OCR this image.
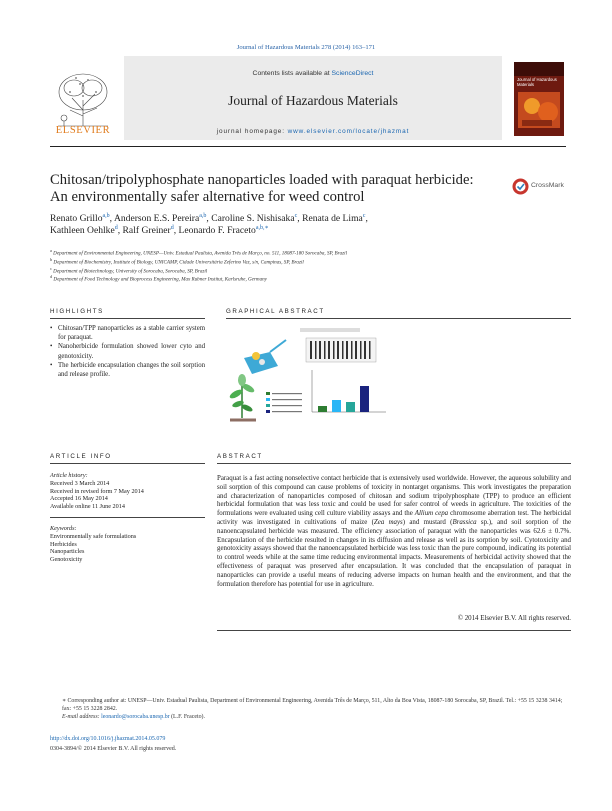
Journal of Hazardous Materials 278 (2014) 163–171
ELSEVIER
Contents lists available at ScienceDirect
Journal of Hazardous Materials
journal homepage: www.elsevier.com/locate/jhazmat
Journal of Hazardous Materials
Chitosan/tripolyphosphate nanoparticles loaded with paraquat herbicide: An environmentally safer alternative for weed control
CrossMark
Renato Grillo$^{a,b}$, Anderson E.S. Pereira$^{a,b}$, Caroline S. Nishisaka$^c$, Renata de Lima$^c$,
Kathleen Oehlke$^d$, Ralf Greiner$^d$, Leonardo F. Fraceto$^{a,b,∗}$
$^a$ Department of Environmental Engineering, UNESP—Univ. Estadual Paulista, Avenida Três de Março, no. 511, 18087-180 Sorocaba, SP, Brazil
$^b$ Department of Biochemistry, Institute of Biology, UNICAMP, Cidade Universitária Zeferino Vaz, s/n, Campinas, SP, Brazil
$^c$ Department of Biotechnology, University of Sorocaba, Sorocaba, SP, Brazil
$^d$ Department of Food Technology and Bioprocess Engineering, Max Rubner Institut, Karlsruhe, Germany
HIGHLIGHTS
• Chitosan/TPP nanoparticles as a stable carrier system for paraquat.
• Nanoherbicide formulation showed lower cyto and genotoxicity.
• The herbicide encapsulation changes the soil sorption and release profile.
GRAPHICAL ABSTRACT
ARTICLE INFO
Article history:
Received 3 March 2014
Received in revised form 7 May 2014
Accepted 16 May 2014
Available online 11 June 2014
Keywords:
Environmentally safe formulations
Herbicides
Nanoparticles
Genotoxicity
ABSTRACT
Paraquat is a fast acting nonselective contact herbicide that is extensively used worldwide. However, the aqueous solubility and soil sorption of this compound can cause problems of toxicity in nontarget organisms. This work investigates the preparation and characterization of nanoparticles composed of chitosan and sodium tripolyphosphate (TPP) to produce an efficient herbicidal formulation that was less toxic and could be used for safer control of weeds in agriculture. The toxicities of the formulations were evaluated using cell culture viability assays and the Allium cepa chromosome aberration test. The herbicidal activity was investigated in cultivations of maize (Zea mays) and mustard (Brassica sp.), and soil sorption of the nanoencapsulated herbicide was measured. The efficiency association of paraquat with the nanoparticles was 62.6 ± 0.7%. Encapsulation of the herbicide resulted in changes in its diffusion and release as well as its sorption by soil. Cytotoxicity and genotoxicity assays showed that the nanoencapsulated herbicide was less toxic than the pure compound, indicating its potential to control weeds while at the same time reducing environmental impacts. Measurements of herbicidal activity showed that the effectiveness of paraquat was preserved after encapsulation. It was concluded that the encapsulation of paraquat in nanoparticles can provide a useful means of reducing adverse impacts on human health and the environment, and that the formulation therefore has potential for use in agriculture.
© 2014 Elsevier B.V. All rights reserved.
∗ Corresponding author at: UNESP—Univ. Estadual Paulista, Department of Environmental Engineering, Avenida Três de Março, 511, Alto da Boa Vista, 18087-180 Sorocaba, SP, Brazil. Tel.: +55 15 3238 3414; fax: +55 15 3228 2842.
E-mail address: leonardo@sorocaba.unesp.br (L.F. Fraceto).
http://dx.doi.org/10.1016/j.jhazmat.2014.05.079
0304-3894/© 2014 Elsevier B.V. All rights reserved.
